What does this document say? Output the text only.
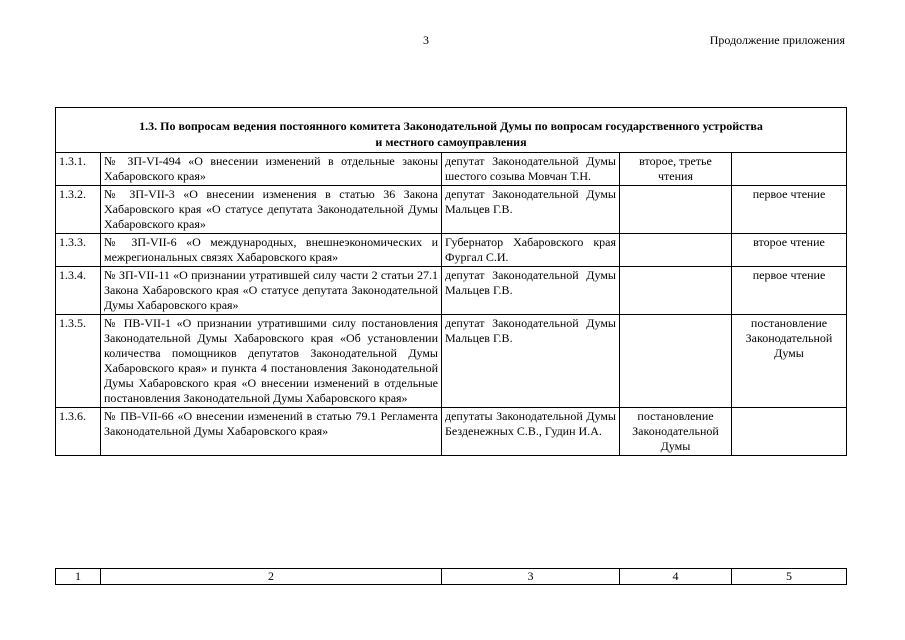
3	Продолжение приложения
1.3. По вопросам ведения постоянного комитета Законодательной Думы по вопросам государственного устройства
и местного самоуправления				

1.3.1.	№ ЗП-VI-494 «О внесении изменений в отдельные законы Хабаровского края»	депутат Законодательной Думы шестого созыва Мовчан Т.Н.	второе, третье чтения	
1.3.2.	№ ЗП-VII-3 «О внесении изменения в статью 36 Закона Хабаровского края «О статусе депутата Законодательной Думы Хабаровского края»	депутат Законодательной Думы Мальцев Г.В.		первое чтение
1.3.3.	№ ЗП-VII-6 «О международных, внешнеэкономических и межрегиональных связях Хабаровского края»	Губернатор Хабаровского края Фургал С.И.		второе чтение
1.3.4.	№ ЗП-VII-11 «О признании утратившей силу части 2 статьи 27.1 Закона Хабаровского края «О статусе депутата Законодательной Думы Хабаровского края»	депутат Законодательной Думы Мальцев Г.В.		первое чтение
1.3.5.	№ ПВ-VII-1 «О признании утратившими силу постановления Законодательной Думы Хабаровского края «Об установлении количества помощников депутатов Законодательной Думы Хабаровского края» и пункта 4 постановления Законодательной Думы Хабаровского края «О внесении изменений в отдельные постановления Законодательной Думы Хабаровского края»	депутат Законодательной Думы Мальцев Г.В.		постановление Законодательной Думы
1.3.6.	№ ПВ-VII-66 «О внесении изменений в статью 79.1 Регламента Законодательной Думы Хабаровского края»	депутаты Законодательной Думы Безденежных С.В., Гудин И.А.	постановление Законодательной Думы	
1	2	3	4	5
